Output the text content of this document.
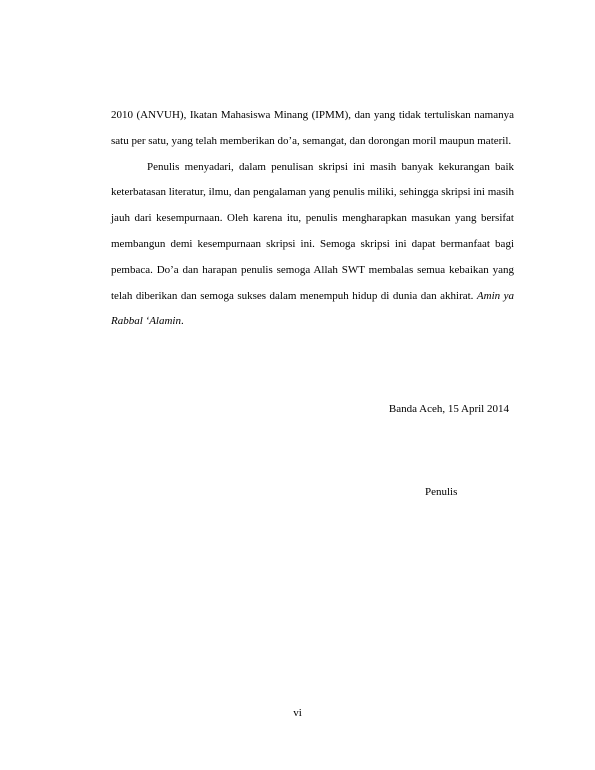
2010 (ANVUH), Ikatan Mahasiswa Minang (IPMM), dan yang tidak tertuliskan namanya satu per satu, yang telah memberikan do’a, semangat, dan dorongan moril maupun materil.

Penulis menyadari, dalam penulisan skripsi ini masih banyak kekurangan baik keterbatasan literatur, ilmu, dan pengalaman yang penulis miliki, sehingga skripsi ini masih jauh dari kesempurnaan. Oleh karena itu, penulis mengharapkan masukan yang bersifat membangun demi kesempurnaan skripsi ini. Semoga skripsi ini dapat bermanfaat bagi pembaca. Do’a dan harapan penulis semoga Allah SWT membalas semua kebaikan yang telah diberikan dan semoga sukses dalam menempuh hidup di dunia dan akhirat. Amin ya Rabbal ‘Alamin.

Banda Aceh, 15 April 2014
Penulis
vi
